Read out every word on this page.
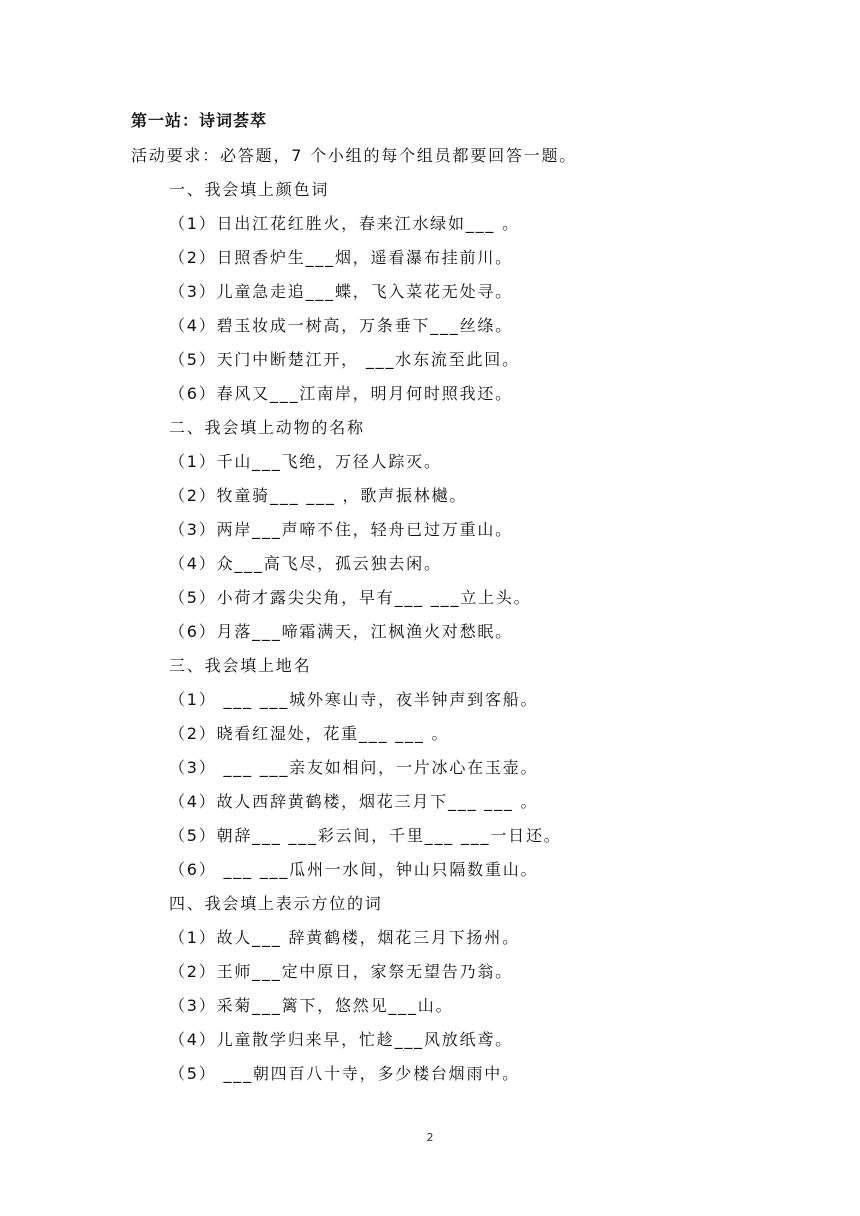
第一站：诗词荟萃
活动要求：必答题，7 个小组的每个组员都要回答一题。
一、我会填上颜色词
（1）日出江花红胜火，春来江水绿如___ 。
（2）日照香炉生___烟，遥看瀑布挂前川。
（3）儿童急走追___蝶，飞入菜花无处寻。
（4）碧玉妆成一树高，万条垂下___丝绦。
（5）天门中断楚江开， ___水东流至此回。
（6）春风又___江南岸，明月何时照我还。
二、我会填上动物的名称
（1）千山___飞绝，万径人踪灭。
（2）牧童骑___ ___ ，歌声振林樾。
（3）两岸___声啼不住，轻舟已过万重山。
（4）众___高飞尽，孤云独去闲。
（5）小荷才露尖尖角，早有___ ___立上头。
（6）月落___啼霜满天，江枫渔火对愁眠。
三、我会填上地名
（1） ___ ___城外寒山寺，夜半钟声到客船。
（2）晓看红湿处，花重___ ___ 。
（3） ___ ___亲友如相问，一片冰心在玉壶。
（4）故人西辞黄鹤楼，烟花三月下___ ___ 。
（5）朝辞___ ___彩云间，千里___ ___一日还。
（6） ___ ___瓜州一水间，钟山只隔数重山。
四、我会填上表示方位的词
（1）故人___ 辞黄鹤楼，烟花三月下扬州。
（2）王师___定中原日，家祭无望告乃翁。
（3）采菊___篱下，悠然见___山。
（4）儿童散学归来早，忙趁___风放纸鸢。
（5） ___朝四百八十寺，多少楼台烟雨中。
2
